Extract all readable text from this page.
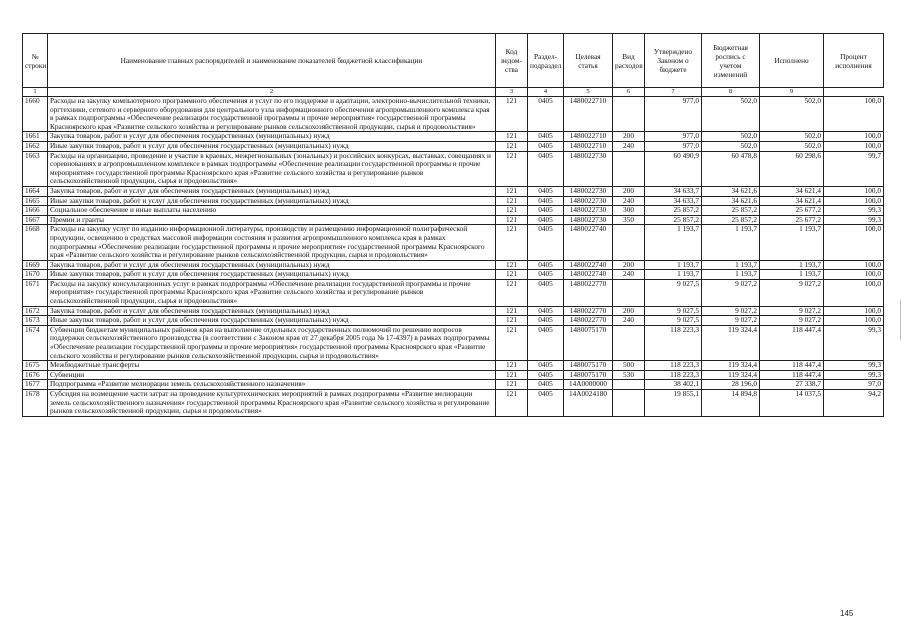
№ строки	Наименование главных распорядителей и наименование показателей бюджетной классификации	Код ведом-ства	Раздел-подраздел	Целевая статья	Вид расходов	Утверждено Законом о бюджете	Бюджетная роспись с учетом изменений	Исполнено	Процент исполнения
1	2	3	4	5	6	7	8	9	
1660	Расходы на закупку компьютерного программного обеспечения и услуг по его поддержке и адаптации, электронно-вычислительной техники, оргтехники, сетевого и серверного оборудования для центрального узла информационного обеспечения агропромышленного комплекса края в рамках подпрограммы «Обеспечение реализации государственной программы и прочие мероприятия» государственной программы Красноярского края «Развитие сельского хозяйства и регулирование рынков сельскохозяйственной продукции, сырья и продовольствия»	121	0405	1480022710		977,0	502,0	502,0	100,0
1661	Закупка товаров, работ и услуг для обеспечения государственных (муниципальных) нужд	121	0405	1480022710	200	977,0	502,0	502,0	100,0
1662	Иные закупки товаров, работ и услуг для обеспечения государственных (муниципальных) нужд	121	0405	1480022710	240	977,0	502,0	502,0	100,0
1663	Расходы на организацию, проведение и участие в краевых, межрегиональных (зональных) и российских конкурсах, выставках, совещаниях и соревнованиях в агропромышленном комплексе в рамках подпрограммы «Обеспечение реализации государственной программы и прочие мероприятия» государственной программы Красноярского края «Развитие сельского хозяйства и регулирование рынков сельскохозяйственной продукции, сырья и продовольствия»	121	0405	1480022730		60 490,9	60 478,8	60 298,6	99,7
1664	Закупка товаров, работ и услуг для обеспечения государственных (муниципальных) нужд	121	0405	1480022730	200	34 633,7	34 621,6	34 621,4	100,0
1665	Иные закупки товаров, работ и услуг для обеспечения государственных (муниципальных) нужд	121	0405	1480022730	240	34 633,7	34 621,6	34 621,4	100,0
1666	Социальное обеспечение и иные выплаты населению	121	0405	1480022730	300	25 857,2	25 857,2	25 677,2	99,3
1667	Премии и гранты	121	0405	1480022730	350	25 857,2	25 857,2	25 677,2	99,3
1668	Расходы на закупку услуг по изданию информационной литературы, производству и размещению информационной полиграфической продукции, освещению в средствах массовой информации состояния и развития агропромышленного комплекса края в рамках подпрограммы «Обеспечение реализации государственной программы и прочие мероприятия» государственной программы Красноярского края «Развитие сельского хозяйства и регулирование рынков сельскохозяйственной продукции, сырья и продовольствия»	121	0405	1480022740		1 193,7	1 193,7	1 193,7	100,0
1669	Закупка товаров, работ и услуг для обеспечения государственных (муниципальных) нужд	121	0405	1480022740	200	1 193,7	1 193,7	1 193,7	100,0
1670	Иные закупки товаров, работ и услуг для обеспечения государственных (муниципальных) нужд	121	0405	1480022740	240	1 193,7	1 193,7	1 193,7	100,0
1671	Расходы на закупку консультационных услуг в рамках подпрограммы «Обеспечение реализации государственной программы и прочие мероприятия» государственной программы Красноярского края «Развитие сельского хозяйства и регулирование рынков сельскохозяйственной продукции, сырья и продовольствия»	121	0405	1480022770		9 027,5	9 027,2	9 027,2	100,0
1672	Закупка товаров, работ и услуг для обеспечения государственных (муниципальных) нужд	121	0405	1480022770	200	9 027,5	9 027,2	9 027,2	100,0
1673	Иные закупки товаров, работ и услуг для обеспечения государственных (муниципальных) нужд	121	0405	1480022770	240	9 027,5	9 027,2	9 027,2	100,0
1674	Субвенции бюджетам муниципальных районов края на выполнение отдельных государственных полномочий по решению вопросов поддержки сельскохозяйственного производства (в соответствии с Законом края от 27 декабря 2005 года № 17-4397) в рамках подпрограммы «Обеспечение реализации государственной программы и прочие мероприятия» государственной программы Красноярского края «Развитие сельского хозяйства и регулирование рынков сельскохозяйственной продукции, сырья и продовольствия»	121	0405	1480075170		118 223,3	119 324,4	118 447,4	99,3
1675	Межбюджетные трансферты	121	0405	1480075170	500	118 223,3	119 324,4	118 447,4	99,3
1676	Субвенции	121	0405	1480075170	530	118 223,3	119 324,4	118 447,4	99,3
1677	Подпрограмма «Развитие мелиорации земель сельскохозяйственного назначения»	121	0405	14А0000000		38 402,1	28 196,0	27 338,7	97,0
1678	Субсидия на возмещение части затрат на проведение культуртехнических мероприятий в рамках подпрограммы «Развитие мелиорации земель сельскохозяйственного назначения» государственной программы Красноярского края «Развитие сельского хозяйства и регулирование рынков сельскохозяйственной продукции, сырья и продовольствия»	121	0405	14А0024180		19 855,1	14 894,8	14 037,5	94,2
145
